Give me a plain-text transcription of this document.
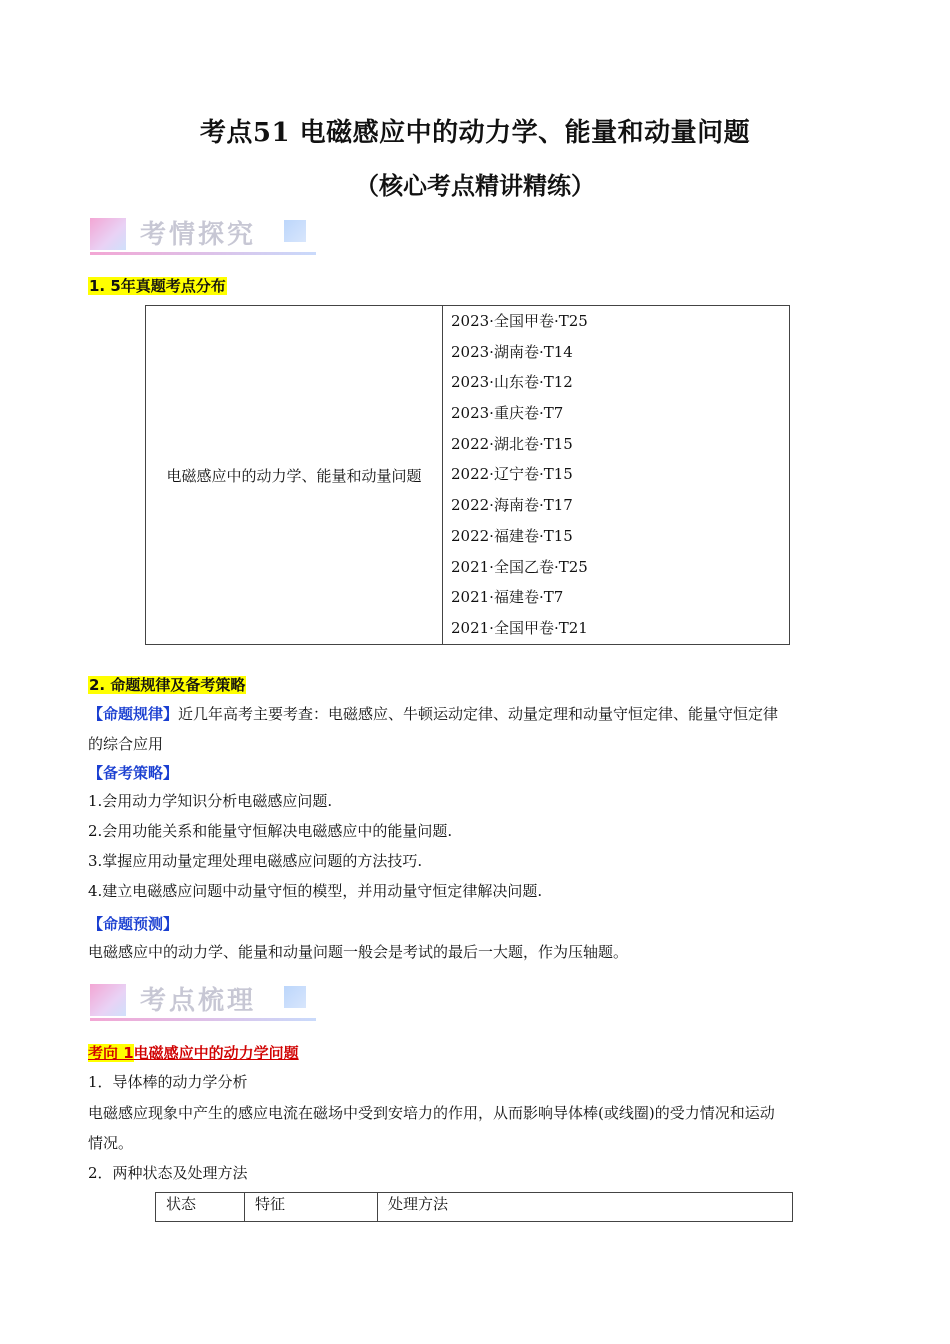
考点51 电磁感应中的动力学、能量和动量问题
（核心考点精讲精练）
考情探究
1. 5年真题考点分布
电磁感应中的动力学、能量和动量问题	
2023·全国甲卷·T25
2023·湖南卷·T14
2023·山东卷·T12
2023·重庆卷·T7
2022·湖北卷·T15
2022·辽宁卷·T15
2022·海南卷·T17
2022·福建卷·T15
2021·全国乙卷·T25
2021·福建卷·T7
2021·全国甲卷·T21
2. 命题规律及备考策略
【命题规律】近几年高考主要考查：电磁感应、牛顿运动定律、动量定理和动量守恒定律、能量守恒定律
的综合应用
【备考策略】
1.会用动力学知识分析电磁感应问题.
2.会用功能关系和能量守恒解决电磁感应中的能量问题.
3.掌握应用动量定理处理电磁感应问题的方法技巧.
4.建立电磁感应问题中动量守恒的模型，并用动量守恒定律解决问题.
【命题预测】
电磁感应中的动力学、能量和动量问题一般会是考试的最后一大题，作为压轴题。
考点梳理
考向 1电磁感应中的动力学问题
1．导体棒的动力学分析
电磁感应现象中产生的感应电流在磁场中受到安培力的作用，从而影响导体棒(或线圈)的受力情况和运动
情况。
2．两种状态及处理方法
状态	特征	处理方法
